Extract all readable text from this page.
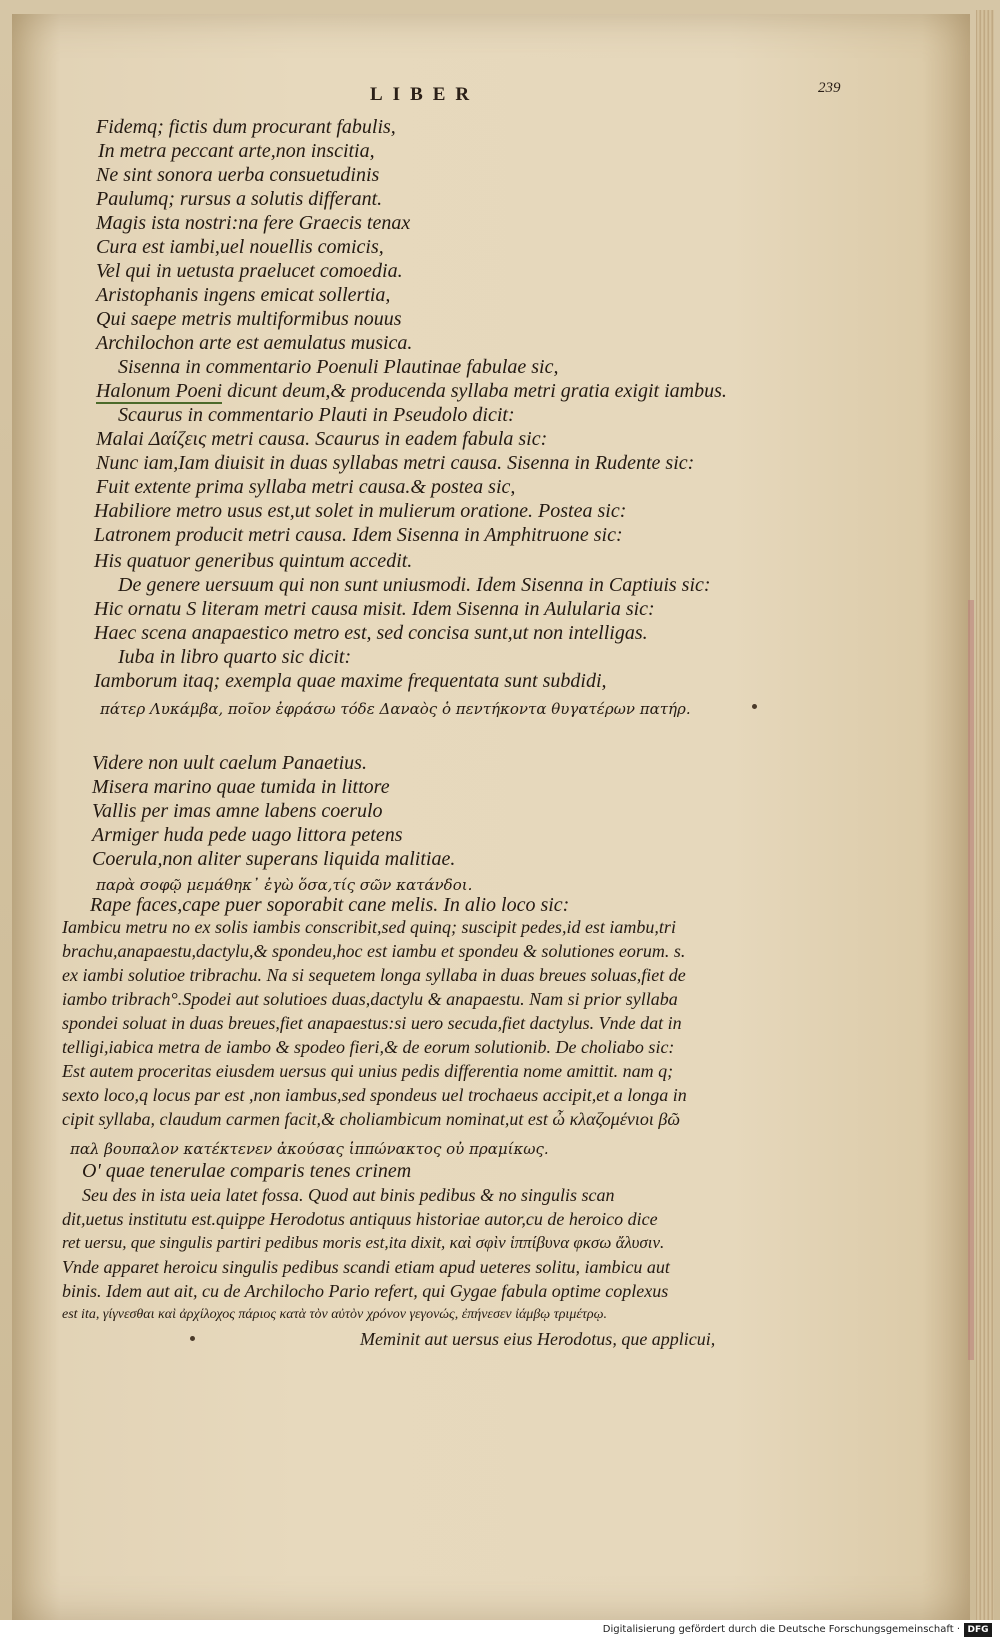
LIBER	239
Fidemq; fictis dum procurant fabulis,
In metra peccant arte,non inscitia,
Ne sint sonora uerba consuetudinis
Paulumq; rursus a solutis differant.
Magis ista nostri:na fere Graecis tenax
Cura est iambi,uel nouellis comicis,
Vel qui in uetusta praelucet comoedia.
Aristophanis ingens emicat sollertia,
Qui saepe metris multiformibus nouus
Archilochon arte est aemulatus musica.
Sisenna in commentario Poenuli Plautinae fabulae sic,
Halonum Poeni dicunt deum,& producenda syllaba metri gratia exigit iambus.
Scaurus in commentario Plauti in Pseudolo dicit:
Malai Δαίζεις metri causa. Scaurus in eadem fabula sic:
Nunc iam,Iam diuisit in duas syllabas metri causa. Sisenna in Rudente sic:
Fuit extente prima syllaba metri causa.& postea sic,
Habiliore metro usus est,ut solet in mulierum oratione. Postea sic:
Latronem producit metri causa. Idem Sisenna in Amphitruone sic:
His quatuor generibus quintum accedit.
De genere uersuum qui non sunt uniusmodi. Idem Sisenna in Captiuis sic:
Hic ornatu S literam metri causa misit. Idem Sisenna in Aulularia sic:
Haec scena anapaestico metro est, sed concisa sunt,ut non intelligas.
Iuba in libro quarto sic dicit:
Iamborum itaq; exempla quae maxime frequentata sunt subdidi,
πάτερ Λυκάμβα, ποῖον ἐφράσω τόδε Δαναὸς ὁ πεντήκοντα θυγατέρων πατήρ.
Videre non uult caelum Panaetius.
Misera marino quae tumida in littore
Vallis per imas amne labens coerulo
Armiger huda pede uago littora petens
Coerula,non aliter superans liquida malitiae.
παρὰ σοφῷ μεμάθηκ᾽ ἐγὼ ὅσα,τίς σῶν κατάνδοι.
Rape faces,cape puer soporabit cane melis. In alio loco sic:
Iambicu metru no ex solis iambis conscribit,sed quinq; suscipit pedes,id est iambu,tri
brachu,anapaestu,dactylu,& spondeu,hoc est iambu et spondeu & solutiones eorum. s.
ex iambi solutioe tribrachu. Na si sequetem longa syllaba in duas breues soluas,fiet de
iambo tribrach°.Spodei aut solutioes duas,dactylu & anapaestu. Nam si prior syllaba
spondei soluat in duas breues,fiet anapaestus:si uero secuda,fiet dactylus. Vnde dat in
telligi,iabica metra de iambo & spodeo fieri,& de eorum solutionib. De choliabo sic:
Est autem proceritas eiusdem uersus qui unius pedis differentia nome amittit. nam q;
sexto loco,q locus par est ,non iambus,sed spondeus uel trochaeus accipit,et a longa in
cipit syllaba, claudum carmen facit,& choliambicum nominat,ut est ὦ κλαζομένιοι βῶ
παλ βουπαλον κατέκτενεν ἀκούσας ἱππώνακτος οὐ πραμίκως.
O' quae tenerulae comparis tenes crinem
Seu des in ista ueia latet fossa. Quod aut binis pedibus & no singulis scan
dit,uetus institutu est.quippe Herodotus antiquus historiae autor,cu de heroico dice
ret uersu, que singulis partiri pedibus moris est,ita dixit, καὶ σφὶν ἱππίβυνα φκσω ἄλυσιν.
Vnde apparet heroicu singulis pedibus scandi etiam apud ueteres solitu, iambicu aut
binis. Idem aut ait, cu de Archilocho Pario refert, qui Gygae fabula optime coplexus
est ita, γίγνεσθαι καὶ ἀρχίλοχος πάριος κατὰ τὸν αὐτὸν χρόνον γεγονώς, ἐπήνεσεν ἰάμβῳ τριμέτρῳ.
Meminit aut uersus eius Herodotus, que applicui,
Digitalisierung gefördert durch die Deutsche Forschungsgemeinschaft · DFG
